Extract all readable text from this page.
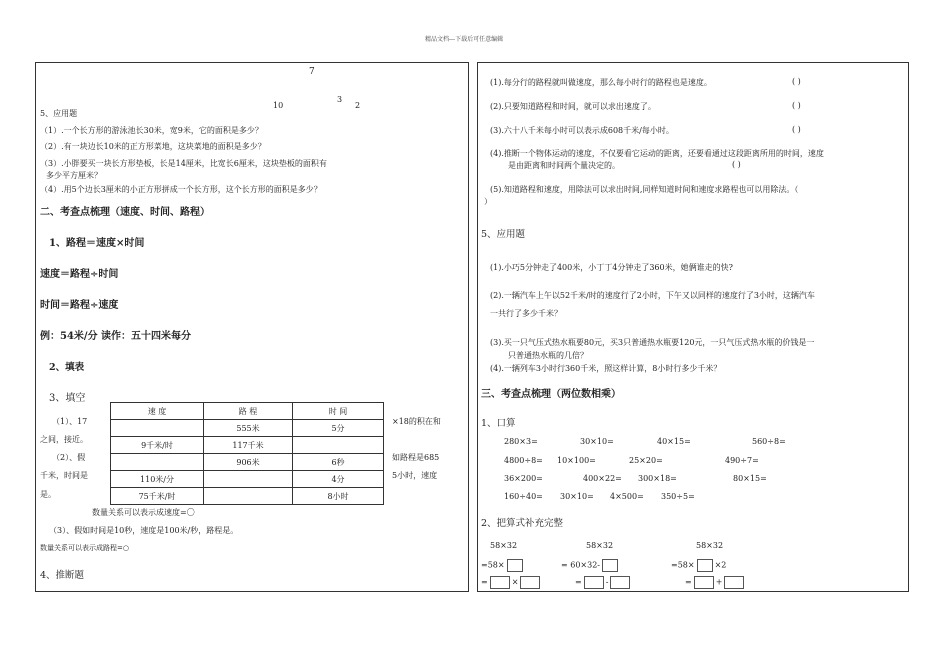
精品文档---下载后可任意编辑
7
10
3
2
5、应用题
（1）.一个长方形的游泳池长30米，宽9米，它的面积是多少？
（2）.有一块边长10米的正方形菜地，这块菜地的面积是多少？
（3）.小胖要买一块长方形垫板，长是14厘米，比宽长6厘米，这块垫板的面积有
多少平方厘米？
（4）.用5个边长3厘米的小正方形拼成一个长方形，这个长方形的面积是多少？
二、考查点梳理（速度、时间、路程）
1、路程＝速度×时间
速度＝路程÷时间
时间＝路程÷速度
例：54米/分 读作：五十四米每分
2、填表
3、填空
速 度	路 程	时 间
	555米	5分
9千米/时	117千米	
	906米	6秒
110米/分		4分
75千米/时		8小时
（1）、17
之间，接近。
（2）、假
千米，时间是
是。
×18的积在和
如路程是685
5小时，速度
数量关系可以表示成速度=〇
（3）、假如时间是10秒，速度是100米/秒，路程是。
数量关系可以表示成路程=○
4、推断题
(1).每分行的路程就叫做速度，那么每小时行的路程也是速度。	( )
(2).只要知道路程和时间，就可以求出速度了。	( )
(3).六十八千米每小时可以表示成608千米/每小时。	( )
(4).推断一个物体运动的速度，不仅要看它运动的距离，还要看通过这段距离所用的时间，速度
是由距离和时间两个量决定的。	( )
(5).知道路程和速度，用除法可以求出时间,同样知道时间和速度求路程也可以用除法。（
）
5、应用题
(1).小巧5分钟走了400米，小丁丁4分钟走了360米，她俩谁走的快?
(2).一辆汽车上午以52千米/时的速度行了2小时，下午又以同样的速度行了3小时，这辆汽车
一共行了多少千米？
(3).买一只气压式热水瓶要80元，买3只普通热水瓶要120元，一只气压式热水瓶的价钱是一
只普通热水瓶的几倍？
(4).一辆列车3小时行360千米，照这样计算，8小时行多少千米？
三、考查点梳理（两位数相乘）
1、口算
280×3=	30×10=	40×15=	560÷8=
4800÷8= 10×100=	25×20=	490÷7=
36×200=	400×22= 300×18=	80×15=
160÷40= 30×10= 4×500= 350÷5=
2、把算式补充完整
58×32	58×32	58×32
=58×	= 60×32-	=58×	×2
=	×	=	-	=	+
